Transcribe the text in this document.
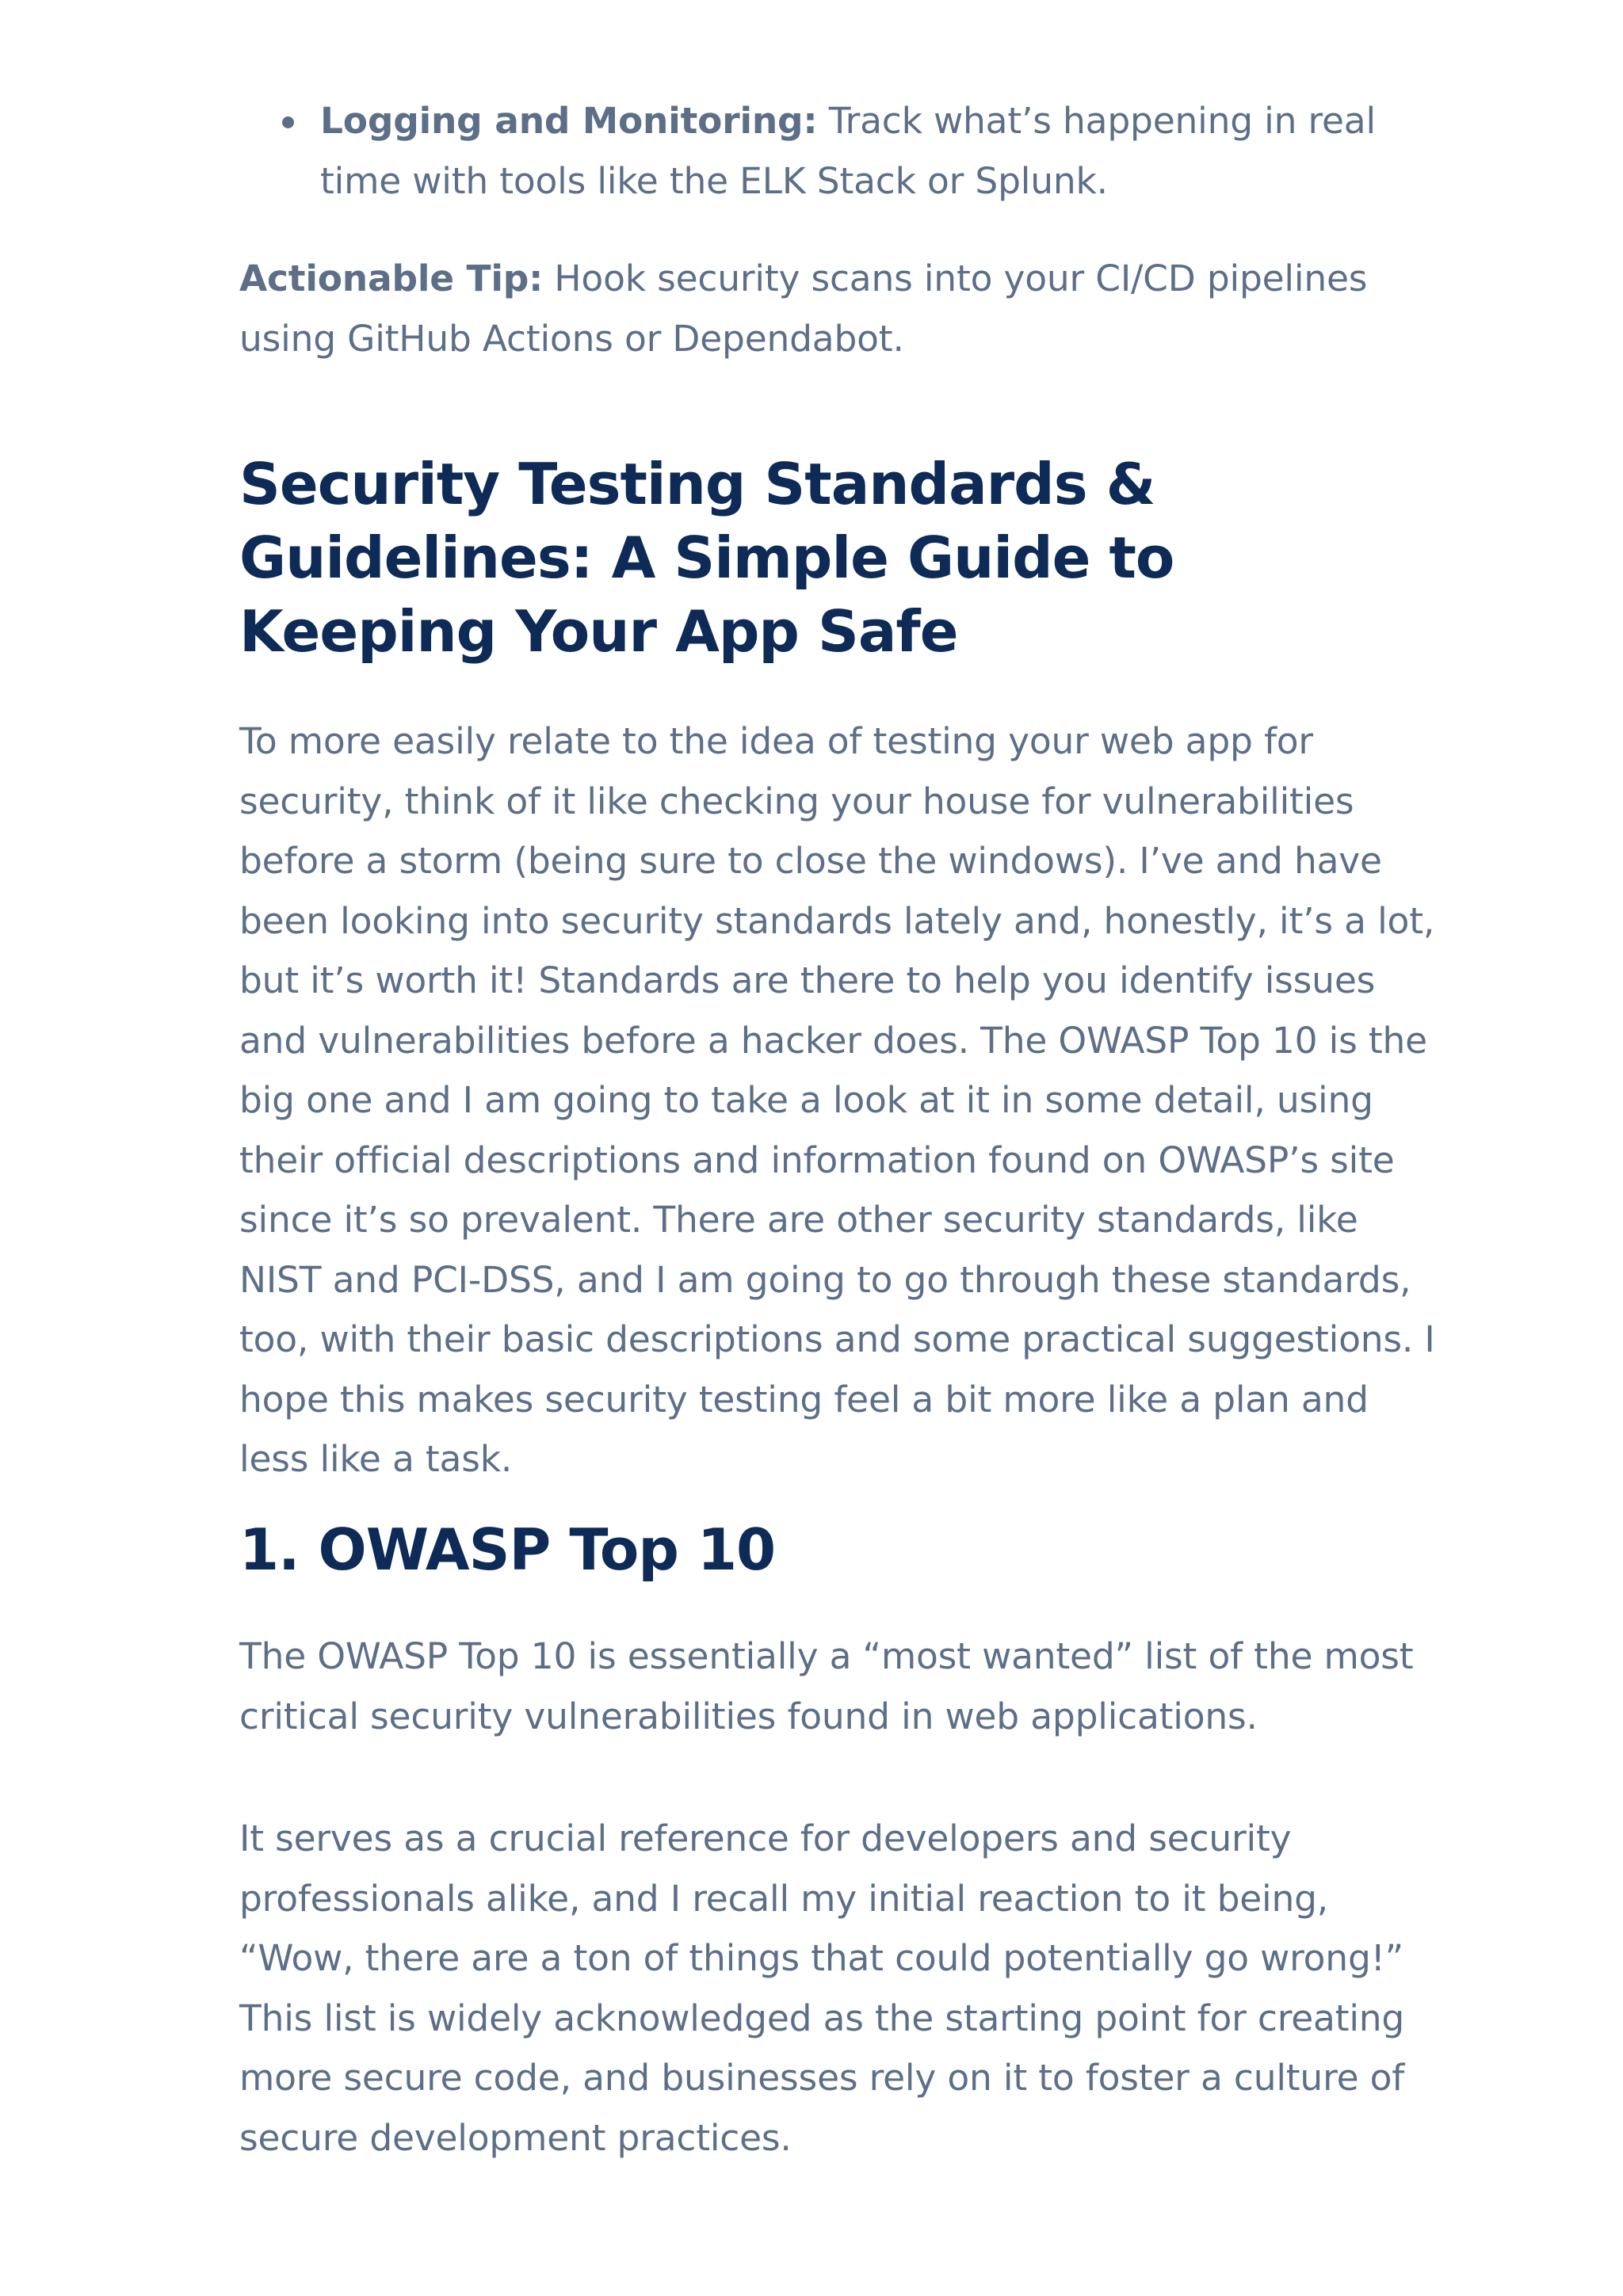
Logging and Monitoring: Track what’s happening in real time with tools like the ELK Stack or Splunk.

Actionable Tip: Hook security scans into your CI/CD pipelines using GitHub Actions or Dependabot.

Security Testing Standards & Guidelines: A Simple Guide to Keeping Your App Safe

To more easily relate to the idea of testing your web app for security, think of it like checking your house for vulnerabilities before a storm (being sure to close the windows). I’ve and have been looking into security standards lately and, honestly, it’s a lot, but it’s worth it! Standards are there to help you identify issues and vulnerabilities before a hacker does. The OWASP Top 10 is the big one and I am going to take a look at it in some detail, using their official descriptions and information found on OWASP’s site since it’s so prevalent. There are other security standards, like NIST and PCI-DSS, and I am going to go through these standards, too, with their basic descriptions and some practical suggestions. I hope this makes security testing feel a bit more like a plan and less like a task.

1. OWASP Top 10

The OWASP Top 10 is essentially a “most wanted” list of the most critical security vulnerabilities found in web applications.

It serves as a crucial reference for developers and security professionals alike, and I recall my initial reaction to it being, “Wow, there are a ton of things that could potentially go wrong!” This list is widely acknowledged as the starting point for creating more secure code, and businesses rely on it to foster a culture of secure development practices.
